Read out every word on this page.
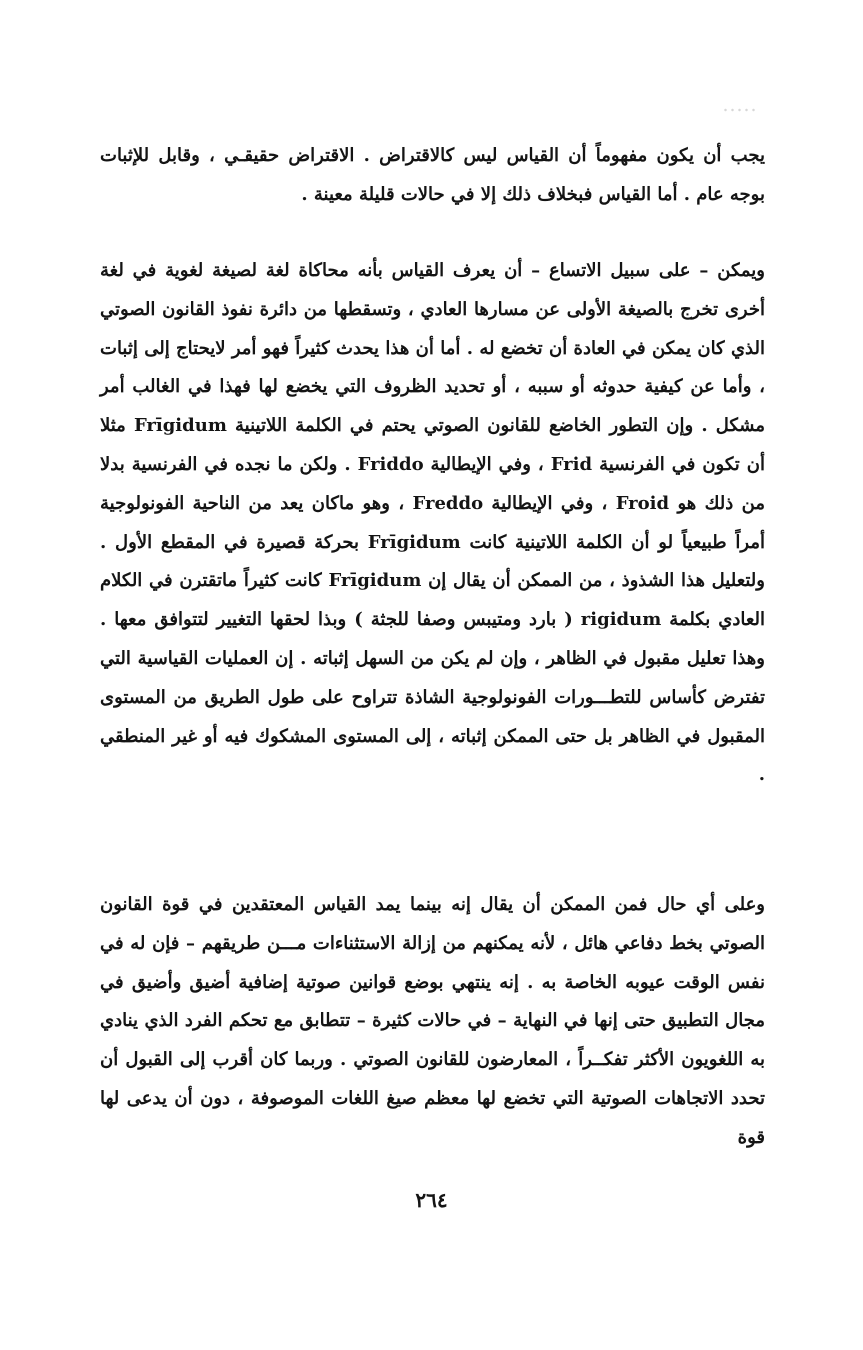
يجب أن يكون مفهوماً أن القياس ليس كالاقتراض . الاقتراض حقيقـي ، وقابل للإثبات بوجه عام . أما القياس فبخلاف ذلك إلا في حالات قليلة معينة .

ويمكن – على سبيل الاتساع – أن يعرف القياس بأنه محاكاة لغة لصيغة لغوية في لغة أخرى تخرج بالصيغة الأولى عن مسارها العادي ، وتسقطها من دائرة نفوذ القانون الصوتي الذي كان يمكن في العادة أن تخضع له . أما أن هذا يحدث كثيراً فهو أمر لايحتاج إلى إثبات ، وأما عن كيفية حدوثه أو سببه ، أو تحديد الظروف التي يخضع لها فهذا في الغالب أمر مشكل . وإن التطور الخاضع للقانون الصوتي يحتم في الكلمة اللاتينية Frīgidum مثلا أن تكون في الفرنسية Frid ، وفي الإيطالية Friddo . ولكن ما نجده في الفرنسية بدلا من ذلك هو Froid ، وفي الإيطالية Freddo ، وهو ماكان يعد من الناحية الفونولوجية أمراً طبيعياً لو أن الكلمة اللاتينية كانت Frīgidum بحركة قصيرة في المقطع الأول . ولتعليل هذا الشذوذ ، من الممكن أن يقال إن Frīgidum كانت كثيراً ماتقترن في الكلام العادي بكلمة rigidum ( بارد ومتيبس وصفا للجثة ) وبذا لحقها التغيير لتتوافق معها . وهذا تعليل مقبول في الظاهر ، وإن لم يكن من السهل إثباته . إن العمليات القياسية التي تفترض كأساس للتطـــورات الفونولوجية الشاذة تتراوح على طول الطريق من المستوى المقبول في الظاهر بل حتى الممكن إثباته ، إلى المستوى المشكوك فيه أو غير المنطقي .

وعلى أي حال فمن الممكن أن يقال إنه بينما يمد القياس المعتقدين في قوة القانون الصوتي بخط دفاعي هائل ، لأنه يمكنهم من إزالة الاستثناءات مـــن طريقهم – فإن له في نفس الوقت عيوبه الخاصة به . إنه ينتهي بوضع قوانين صوتية إضافية أضيق وأضيق في مجال التطبيق حتى إنها في النهاية – في حالات كثيرة – تتطابق مع تحكم الفرد الذي ينادي به اللغويون الأكثر تفكــراً ، المعارضون للقانون الصوتي . وربما كان أقرب إلى القبول أن تحدد الاتجاهات الصوتية التي تخضع لها معظم صيغ اللغات الموصوفة ، دون أن يدعى لها قوة

٢٦٤
